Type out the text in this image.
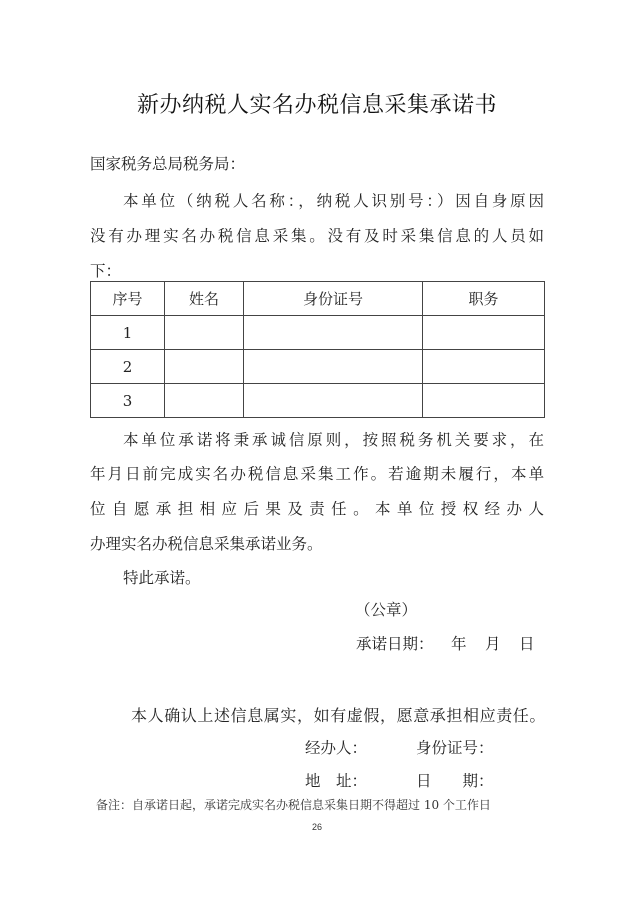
新办纳税人实名办税信息采集承诺书
国家税务总局税务局：
本单位（纳税人名称：，纳税人识别号：）因自身原因
没有办理实名办税信息采集。没有及时采集信息的人员如
下：
序号	姓名	身份证号	职务
1			
2			
3			
本单位承诺将秉承诚信原则，按照税务机关要求，在
年月日前完成实名办税信息采集工作。若逾期未履行，本单
位自愿承担相应后果及责任。本单位授权经办人
办理实名办税信息采集承诺业务。
特此承诺。
（公章）
承诺日期： 年 月 日
本人确认上述信息属实，如有虚假，愿意承担相应责任。
经办人：	身份证号：
地　址：	日　　期：
备注：自承诺日起，承诺完成实名办税信息采集日期不得超过 10 个工作日
26
